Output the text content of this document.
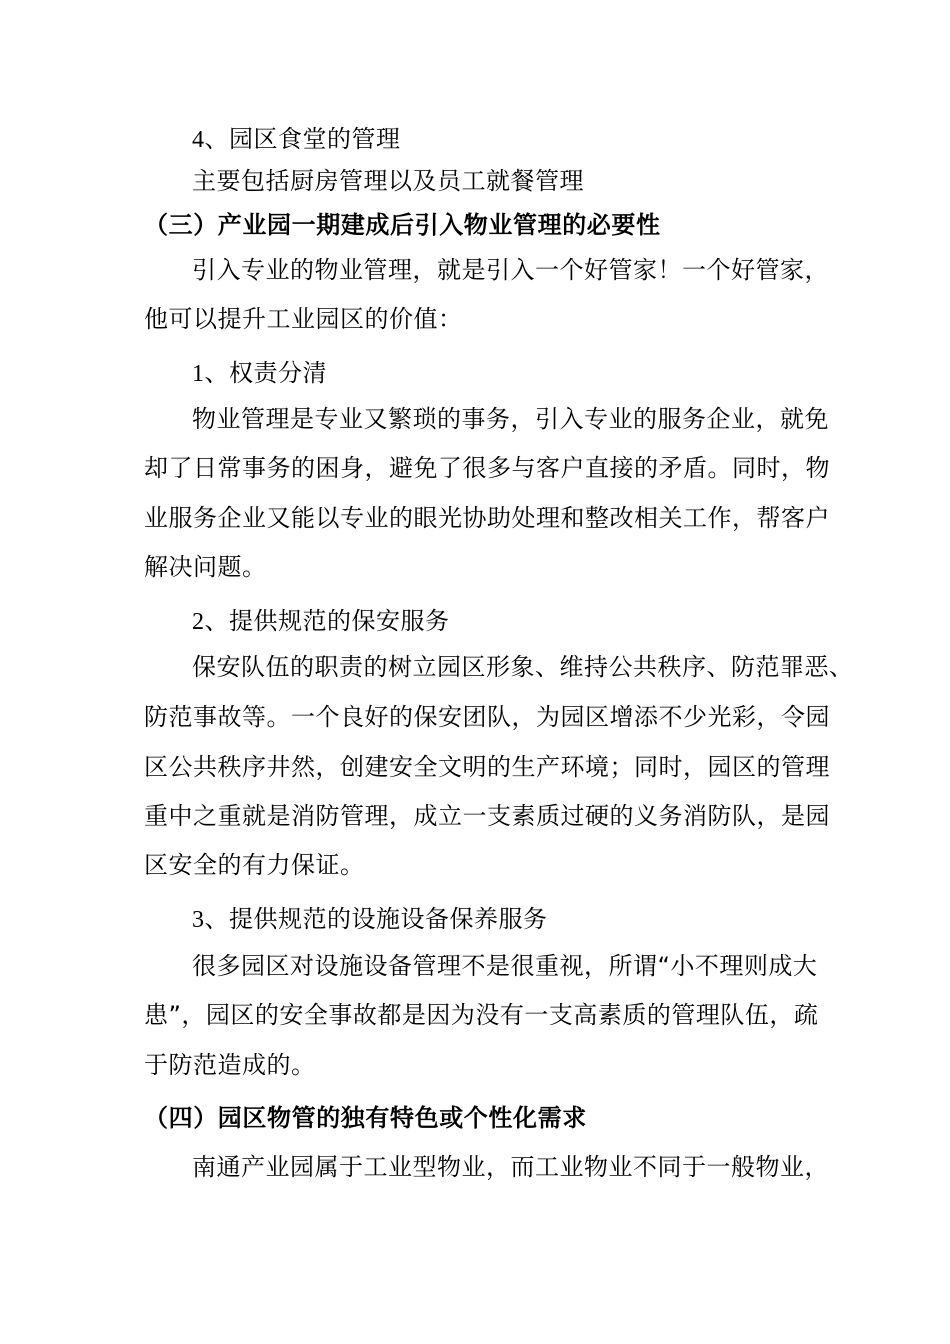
4、园区食堂的管理
主要包括厨房管理以及员工就餐管理
（三）产业园一期建成后引入物业管理的必要性
引入专业的物业管理，就是引入一个好管家！一个好管家，
他可以提升工业园区的价值：
1、权责分清
物业管理是专业又繁琐的事务，引入专业的服务企业，就免
却了日常事务的困身，避免了很多与客户直接的矛盾。同时，物
业服务企业又能以专业的眼光协助处理和整改相关工作，帮客户
解决问题。
2、提供规范的保安服务
保安队伍的职责的树立园区形象、维持公共秩序、防范罪恶、
防范事故等。一个良好的保安团队，为园区增添不少光彩，令园
区公共秩序井然，创建安全文明的生产环境；同时，园区的管理
重中之重就是消防管理，成立一支素质过硬的义务消防队，是园
区安全的有力保证。
3、提供规范的设施设备保养服务
很多园区对设施设备管理不是很重视，所谓“小不理则成大
患”，园区的安全事故都是因为没有一支高素质的管理队伍，疏
于防范造成的。
（四）园区物管的独有特色或个性化需求
南通产业园属于工业型物业，而工业物业不同于一般物业，
